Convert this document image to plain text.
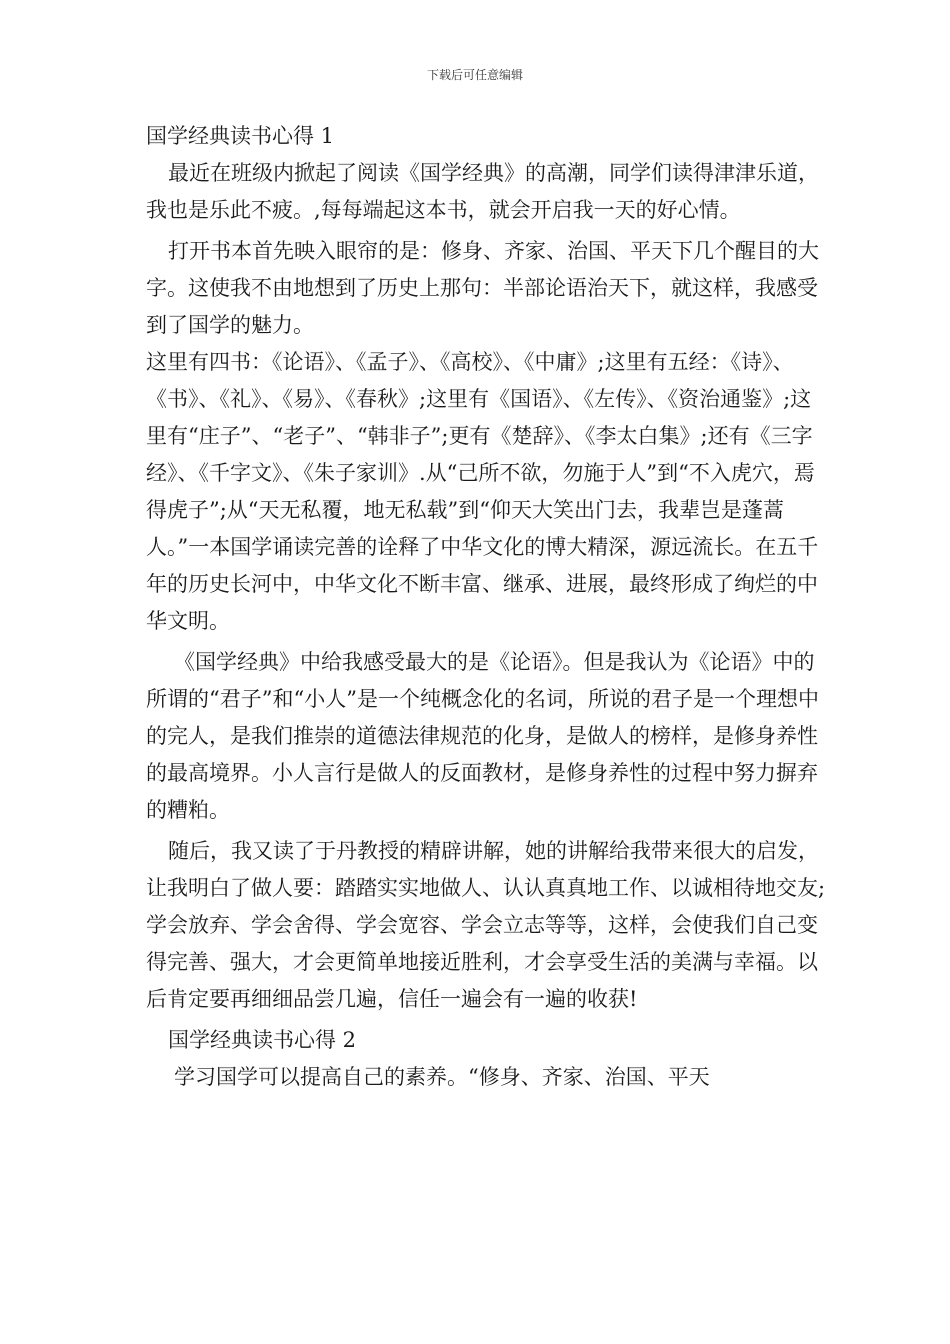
下载后可任意编辑
国学经典读书心得 1

最近在班级内掀起了阅读《国学经典》的高潮，同学们读得津津乐道，我也是乐此不疲。,每每端起这本书，就会开启我一天的好心情。

打开书本首先映入眼帘的是：修身、齐家、治国、平天下几个醒目的大字。这使我不由地想到了历史上那句：半部论语治天下，就这样，我感受到了国学的魅力。

这里有四书：《论语》、《孟子》、《高校》、《中庸》;这里有五经：《诗》、《书》、《礼》、《易》、《春秋》;这里有《国语》、《左传》、《资治通鉴》;这里有“庄子”、“老子”、“韩非子”;更有《楚辞》、《李太白集》;还有《三字经》、《千字文》、《朱子家训》.从“己所不欲，勿施于人”到“不入虎穴，焉得虎子”;从“天无私覆，地无私载”到“仰天大笑出门去，我辈岂是蓬蒿人。”一本国学诵读完善的诠释了中华文化的博大精深，源远流长。在五千年的历史长河中，中华文化不断丰富、继承、进展，最终形成了绚烂的中华文明。

《国学经典》中给我感受最大的是《论语》。但是我认为《论语》中的所谓的“君子”和“小人”是一个纯概念化的名词，所说的君子是一个理想中的完人，是我们推崇的道德法律规范的化身，是做人的榜样，是修身养性的最高境界。小人言行是做人的反面教材，是修身养性的过程中努力摒弃的糟粕。

随后，我又读了于丹教授的精辟讲解，她的讲解给我带来很大的启发，让我明白了做人要：踏踏实实地做人、认认真真地工作、以诚相待地交友;学会放弃、学会舍得、学会宽容、学会立志等等，这样，会使我们自己变得完善、强大，才会更简单地接近胜利，才会享受生活的美满与幸福。以后肯定要再细细品尝几遍，信任一遍会有一遍的收获!

国学经典读书心得 2

学习国学可以提高自己的素养。“修身、齐家、治国、平天
